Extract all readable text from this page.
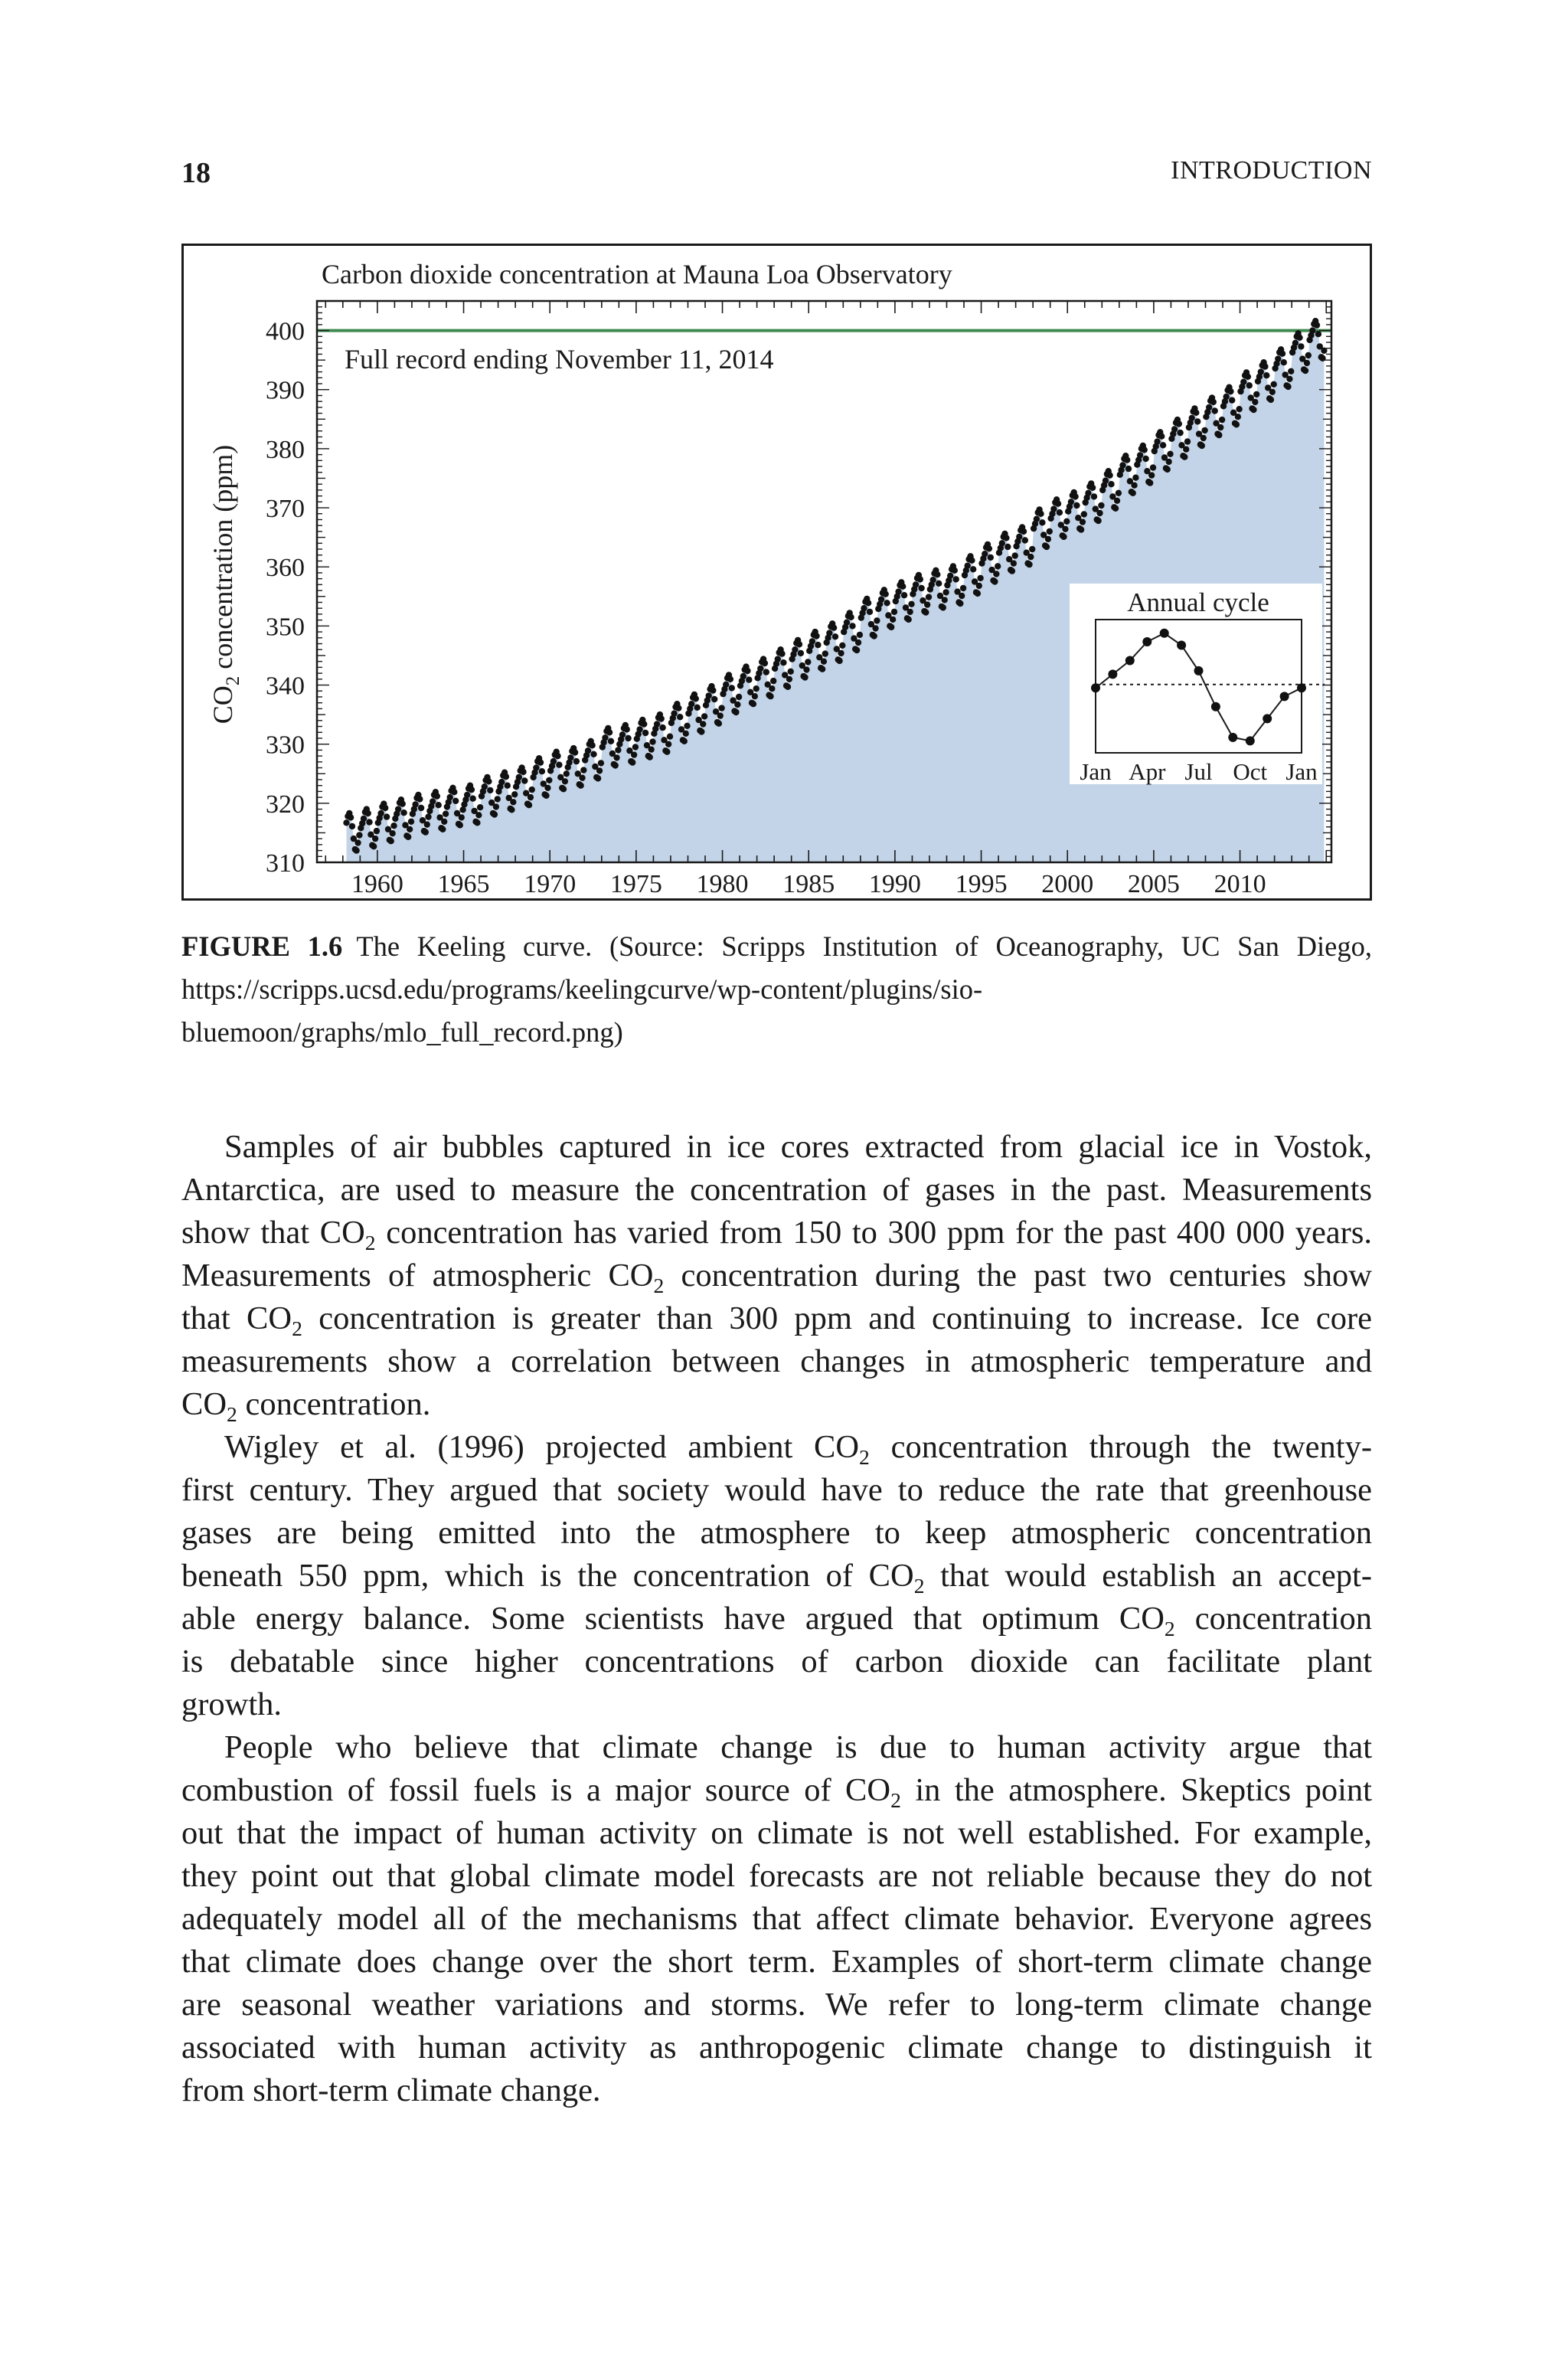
18	INTRODUCTION
1960 1965 1970 1975 1980 1985 1990 1995 2000 2005 2010
310
320
330
340
350
360
370
380
390
400
Carbon dioxide concentration at Mauna Loa Observatory
Full record ending November 11, 2014
$CO_2$ concentration (ppm)	Annual cycle
Jan Apr Jul Oct Jan
FIGURE 1.6 The Keeling curve. (Source: Scripps Institution of Oceanography, UC San Diego, https://scripps.ucsd.edu/programs/keelingcurve/wp-content/plugins/sio-bluemoon/graphs/mlo_full_record.png)

Samples of air bubbles captured in ice cores extracted from glacial ice in Vostok,
Antarctica, are used to measure the concentration of gases in the past. Measurements
show that $CO_2$ concentration has varied from 150 to 300 ppm for the past 400 000 years.
Measurements of atmospheric $CO_2$ concentration during the past two centuries show
that $CO_2$ concentration is greater than 300 ppm and continuing to increase. Ice core
measurements show a correlation between changes in atmospheric temperature and
$CO_2$ concentration.

Wigley et al. (1996) projected ambient $CO_2$ concentration through the twenty-
first century. They argued that society would have to reduce the rate that greenhouse
gases are being emitted into the atmosphere to keep atmospheric concentration
beneath 550 ppm, which is the concentration of $CO_2$ that would establish an accept-
able energy balance. Some scientists have argued that optimum $CO_2$ concentration
is debatable since higher concentrations of carbon dioxide can facilitate plant
growth.

People who believe that climate change is due to human activity argue that
combustion of fossil fuels is a major source of $CO_2$ in the atmosphere. Skeptics point
out that the impact of human activity on climate is not well established. For example,
they point out that global climate model forecasts are not reliable because they do not
adequately model all of the mechanisms that affect climate behavior. Everyone agrees
that climate does change over the short term. Examples of short-term climate change
are seasonal weather variations and storms. We refer to long-term climate change
associated with human activity as anthropogenic climate change to distinguish it
from short-term climate change.
